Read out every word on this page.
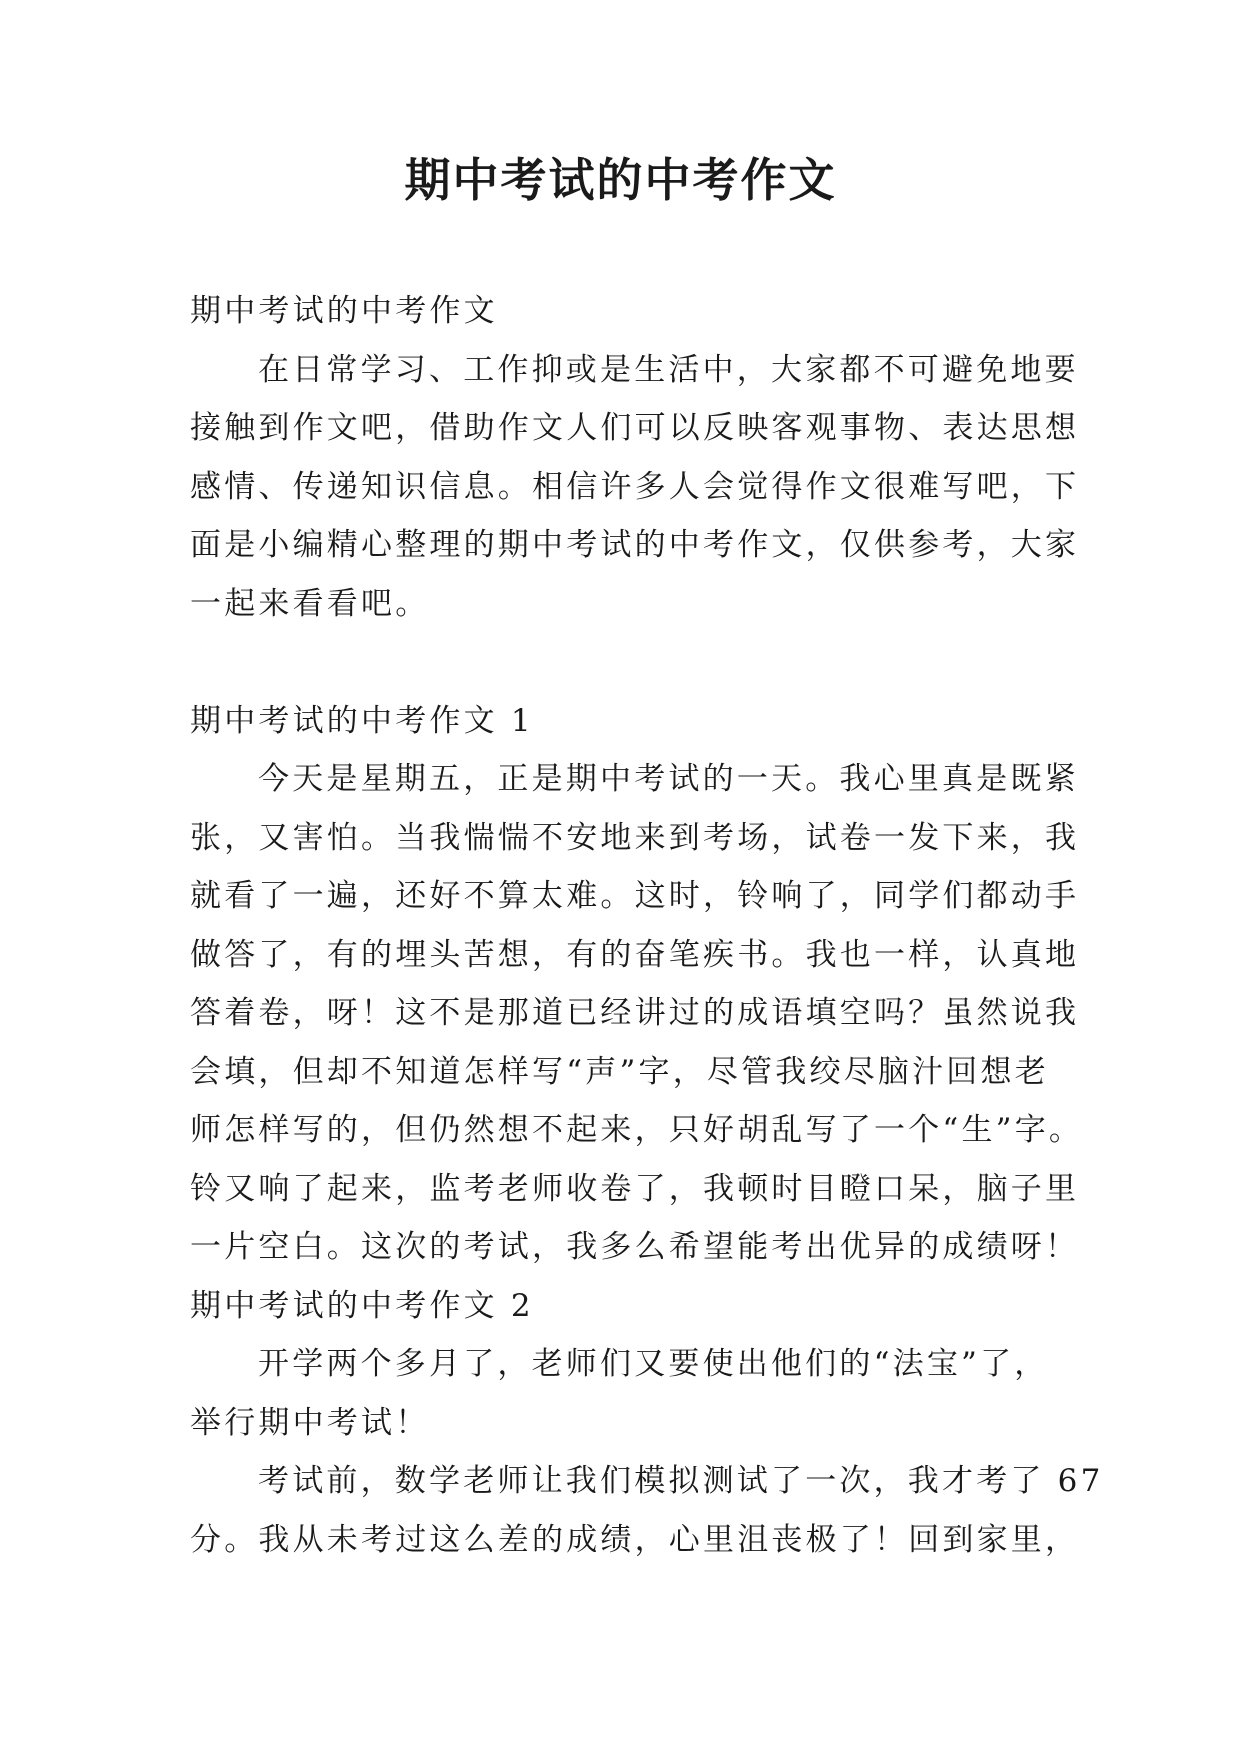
期中考试的中考作文
期中考试的中考作文
在日常学习、工作抑或是生活中，大家都不可避免地要
接触到作文吧，借助作文人们可以反映客观事物、表达思想
感情、传递知识信息。相信许多人会觉得作文很难写吧，下
面是小编精心整理的期中考试的中考作文，仅供参考，大家
一起来看看吧。
期中考试的中考作文 1
今天是星期五，正是期中考试的一天。我心里真是既紧
张，又害怕。当我惴惴不安地来到考场，试卷一发下来，我
就看了一遍，还好不算太难。这时，铃响了，同学们都动手
做答了，有的埋头苦想，有的奋笔疾书。我也一样，认真地
答着卷，呀！这不是那道已经讲过的成语填空吗？虽然说我
会填，但却不知道怎样写“声”字，尽管我绞尽脑汁回想老
师怎样写的，但仍然想不起来，只好胡乱写了一个“生”字。
铃又响了起来，监考老师收卷了，我顿时目瞪口呆，脑子里
一片空白。这次的考试，我多么希望能考出优异的成绩呀！
期中考试的中考作文 2
开学两个多月了，老师们又要使出他们的“法宝”了，
举行期中考试！
考试前，数学老师让我们模拟测试了一次，我才考了 67
分。我从未考过这么差的成绩，心里沮丧极了！回到家里，
